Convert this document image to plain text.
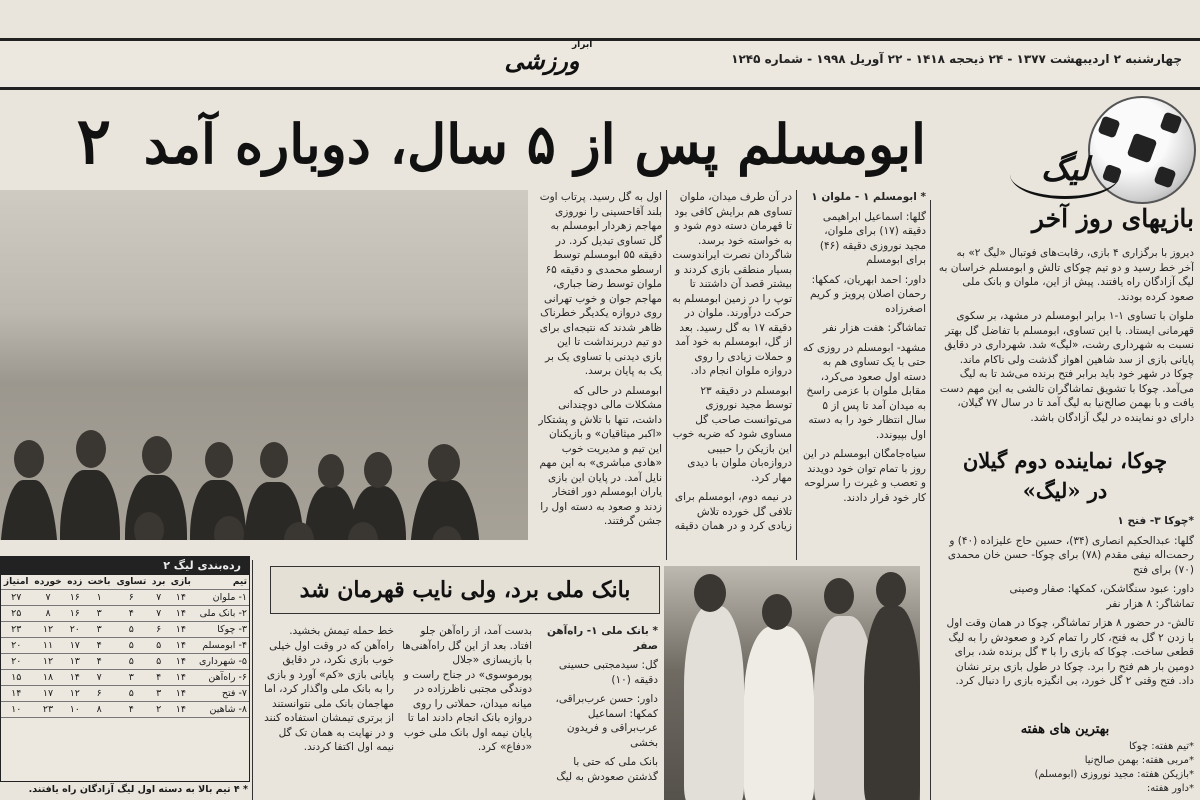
چهارشنبه ۲ اردیبهشت ۱۳۷۷ - ۲۴ ذیحجه ۱۴۱۸ - ۲۲ آوریل ۱۹۹۸ - شماره ۱۲۴۵
ورزشی
ابرار
ابومسلم پس از ۵ سال، دوباره آمد ۲	لیگ
بازیهای روز آخر

دیروز با برگزاری ۴ بازی، رقابت‌های فوتبال «لیگ ۲» به آخر خط رسید و دو تیم چوکای تالش و ابومسلم خراسان به لیگ آزادگان راه یافتند. پیش از این، ملوان و بانک ملی صعود کرده بودند.

ملوان با تساوی ۱-۱ برابر ابومسلم در مشهد، بر سکوی قهرمانی ایستاد. با این تساوی، ابومسلم با تفاضل گل بهتر نسبت به شهرداری رشت، «لیگ» شد. شهرداری در دقایق پایانی بازی از سد شاهین اهواز گذشت ولی ناکام ماند. چوکا در شهر خود باید برابر فتح برنده می‌شد تا به لیگ می‌آمد. چوکا با تشویق تماشاگران تالشی به این مهم دست یافت و با بهمن صالح‌نیا به لیگ آمد تا در سال ۷۷ گیلان، دارای دو نماینده در لیگ آزادگان باشد.

چوکا، نماینده دوم گیلان
در «لیگ»

*چوکا ۳- فتح ۱

گلها: عبدالحکیم انصاری (۳۴)، حسین حاج علیزاده (۴۰) و رحمت‌اله نیفی مقدم (۷۸) برای چوکا- حسن خان محمدی (۷۰) برای فتح

داور: عبود سنگاشکن، کمکها: صفار وصینی

تماشاگر: ۸ هزار نفر

تالش- در حضور ۸ هزار تماشاگر، چوکا در همان وقت اول با زدن ۲ گل به فتح، کار را تمام کرد و صعودش را به لیگ قطعی ساخت. چوکا که بازی را با ۳ گل برنده شد، برای دومین بار هم فتح را برد. چوکا در طول بازی برتر نشان داد. فتح وقتی ۲ گل خورد، بی انگیزه بازی را دنبال کرد.

بهترین های هفته
*تیم هفته: چوکا
*مربی هفته: بهمن صالح‌نیا
*بازیکن هفته: مجید نوروزی (ابومسلم)
*داور هفته:

* ابومسلم ۱ - ملوان ۱

گلها: اسماعیل ابراهیمی دقیقه (۱۷) برای ملوان، مجید نوروزی دقیقه (۴۶) برای ابومسلم

داور: احمد ابهریان، کمکها: رحمان اصلان پرویز و کریم اصغرزاده

تماشاگر: هفت هزار نفر

مشهد- ابومسلم در روزی که حتی با یک تساوی هم به دسته اول صعود می‌کرد، مقابل ملوان با عزمی راسخ به میدان آمد تا پس از ۵ سال انتظار خود را به دسته اول بپیوندد.

سیاه‌جامگان ابومسلم در این روز با تمام توان خود دویدند و تعصب و غیرت را سرلوحه کار خود قرار دادند.

در آن طرف میدان، ملوان تساوی هم برایش کافی بود تا قهرمان دسته دوم شود و به خواسته خود برسد. شاگردان نصرت ایراندوست بسیار منطقی بازی کردند و بیشتر قصد آن داشتند تا توپ را در زمین ابومسلم به حرکت درآورند. ملوان در دقیقه ۱۷ به گل رسید. بعد از گل، ابومسلم به خود آمد و حملات زیادی را روی دروازه ملوان انجام داد.

ابومسلم در دقیقه ۲۳ توسط مجید نوروزی می‌توانست صاحب گل مساوی شود که ضربه خوب این بازیکن را حبیبی دروازه‌بان ملوان با دیدی مهار کرد.

در نیمه دوم، ابومسلم برای تلافی گل خورده تلاش زیادی کرد و در همان دقیقه

اول به گل رسید. پرتاب اوت بلند آقاحسینی را نوروزی مهاجم زهردار ابومسلم به گل تساوی تبدیل کرد. در دقیقه ۵۵ ابومسلم توسط ارسطو محمدی و دقیقه ۶۵ ملوان توسط رضا جباری، مهاجم جوان و خوب تهرانی روی دروازه یکدیگر خطرناک ظاهر شدند که نتیجه‌ای برای دو تیم دربرنداشت تا این بازی دیدنی با تساوی یک بر یک به پایان برسد.

ابومسلم در حالی که مشکلات مالی دوچندانی داشت، تنها با تلاش و پشتکار «اکبر میثاقیان» و بازیکنان این تیم و مدیریت خوب «هادی مباشری» به این مهم نایل آمد. در پایان این بازی یاران ابومسلم دور افتخار زدند و صعود به دسته اول را جشن گرفتند.

رده‌بندی لیگ ۲
تیم	بازی	برد	تساوی	باخت	زده	خورده	امتیاز
۱- ملوان	۱۴	۷	۶	۱	۱۶	۷	۲۷
۲- بانک ملی	۱۴	۷	۴	۳	۱۶	۸	۲۵
۳- چوکا	۱۴	۶	۵	۳	۲۰	۱۲	۲۳
۴- ابومسلم	۱۴	۵	۵	۴	۱۷	۱۱	۲۰
۵- شهرداری	۱۴	۵	۵	۴	۱۳	۱۲	۲۰
۶- راه‌آهن	۱۴	۴	۳	۷	۱۴	۱۸	۱۵
۷- فتح	۱۴	۳	۵	۶	۱۲	۱۷	۱۴
۸- شاهین	۱۴	۲	۴	۸	۱۰	۲۳	۱۰
* ۴ تیم بالا به دسته اول لیگ آزادگان راه یافتند.
بانک ملی برد، ولی نایب قهرمان شد

* بانک ملی ۱- راه‌آهن صفر

گل: سیدمجتبی حسینی دقیقه (۱۰)

داور: حسن عرب‌براقی، کمکها: اسماعیل عرب‌براقی و فریدون بخشی

بانک ملی که حتی با گذشتن صعودش به لیگ

بدست آمد، از راه‌آهن جلو افتاد. بعد از این گل راه‌آهنی‌ها با بازیسازی «جلال پورموسوی» در جناح راست و دوندگی مجتبی ناظرزاده در میانه میدان، حملاتی را روی دروازه بانک انجام دادند اما تا پایان نیمه اول بانک ملی خوب «دفاع» کرد.

خط حمله تیمش بخشید. راه‌آهن که در وقت اول خیلی خوب بازی نکرد، در دقایق پایانی بازی «کم» آورد و بازی را به بانک ملی واگذار کرد، اما مهاجمان بانک ملی نتوانستند از برتری تیمشان استفاده کنند و در نهایت به همان تک گل نیمه اول اکتفا کردند.
